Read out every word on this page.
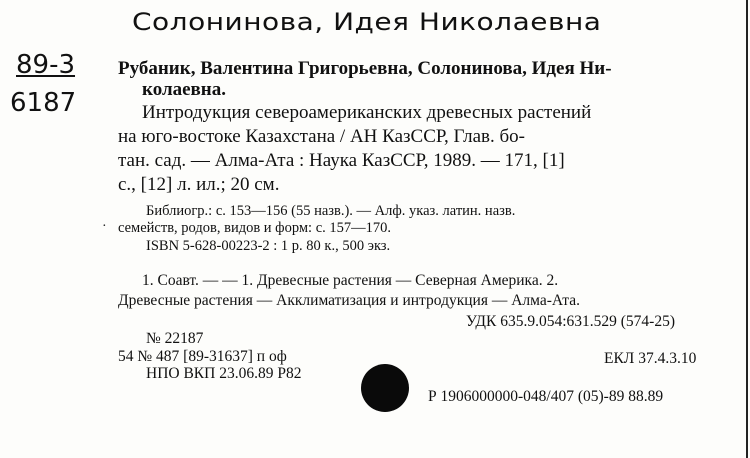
Солонинова, Идея Николаевна
89-3
6187
Рубаник, Валентина Григорьевна, Солонинова, Идея Ни-
колаевна.
Интродукция североамериканских древесных растений
на юго-востоке Казахстана / АН КазССР, Глав. бо-
тан. сад. — Алма-Ата : Наука КазССР, 1989. — 171, [1]
с., [12] л. ил.; 20 см.
Библиогр.: с. 153—156 (55 назв.). — Алф. указ. латин. назв.
· семейств, родов, видов и форм: с. 157—170.
ISBN 5-628-00223-2 : 1 р. 80 к., 500 экз.
1. Соавт. — — 1. Древесные растения — Северная Америка. 2.
Древесные растения — Акклиматизация и интродукция — Алма-Ата.
УДК 635.9.054:631.529 (574-25)
№ 22187
54 № 487 [89-31637] п оф	ЕКЛ 37.4.3.10
НПО ВКП 23.06.89 Р82
Р 1906000000-048/407 (05)-89 88.89
